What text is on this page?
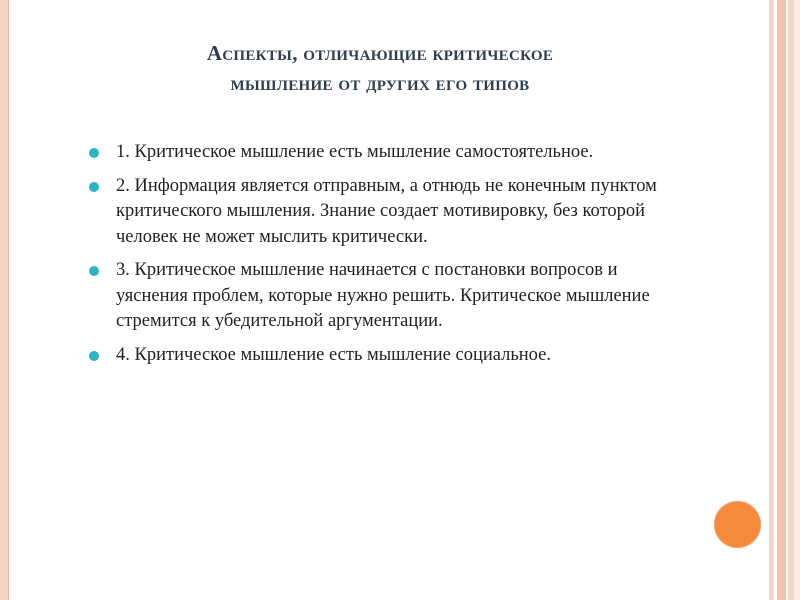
Аспекты, отличающие критическое
мышление от других его типов
1. Критическое мышление есть мышление самостоятельное.
2. Информация является отправным, а отнюдь не конечным пунктом критического мышления. Знание создает мотивировку, без которой человек не может мыслить критически.
3. Критическое мышление начинается с постановки вопросов и уяснения проблем, которые нужно решить. Критическое мышление стремится к убедительной аргументации.
4. Критическое мышление есть мышление социальное.
